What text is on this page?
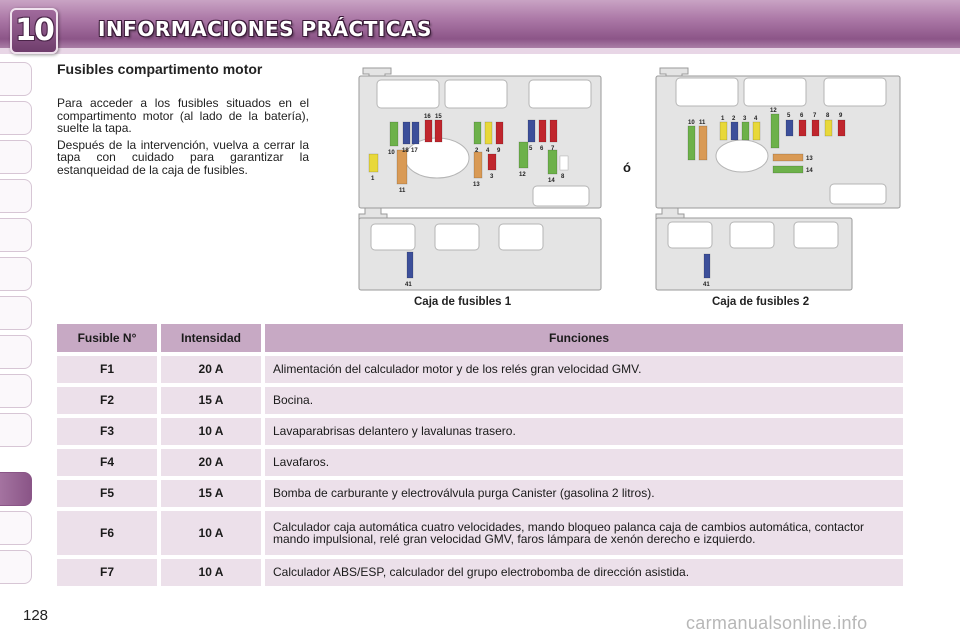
10 INFORMACIONES PRÁCTICAS
Fusibles compartimento motor

Para acceder a los fusibles situados en el compartimento motor (al lado de la batería), suelte la tapa.

Después de la intervención, vuelva a cerrar la tapa con cuidado para garantizar la estanqueidad de la caja de fusibles.

16 15
18 17
10	2 4 9	5 6 7
1
11
13
3	12
14
8
41
Caja de fusibles 1
ó
10 11
1 2 3 4
12
5 6 7 8 9
13
14
41
Caja de fusibles 2
Fusible N°	Intensidad	Funciones
F1	20 A	Alimentación del calculador motor y de los relés gran velocidad GMV.
F2	15 A	Bocina.
F3	10 A	Lavaparabrisas delantero y lavalunas trasero.
F4	20 A	Lavafaros.
F5	15 A	Bomba de carburante y electroválvula purga Canister (gasolina 2 litros).
F6	10 A	Calculador caja automática cuatro velocidades, mando bloqueo palanca caja de cambios automática, contactor mando impulsional, relé gran velocidad GMV, faros lámpara de xenón derecho e izquierdo.
F7	10 A	Calculador ABS/ESP, calculador del grupo electrobomba de dirección asistida.
128	carmanualsonline.info
